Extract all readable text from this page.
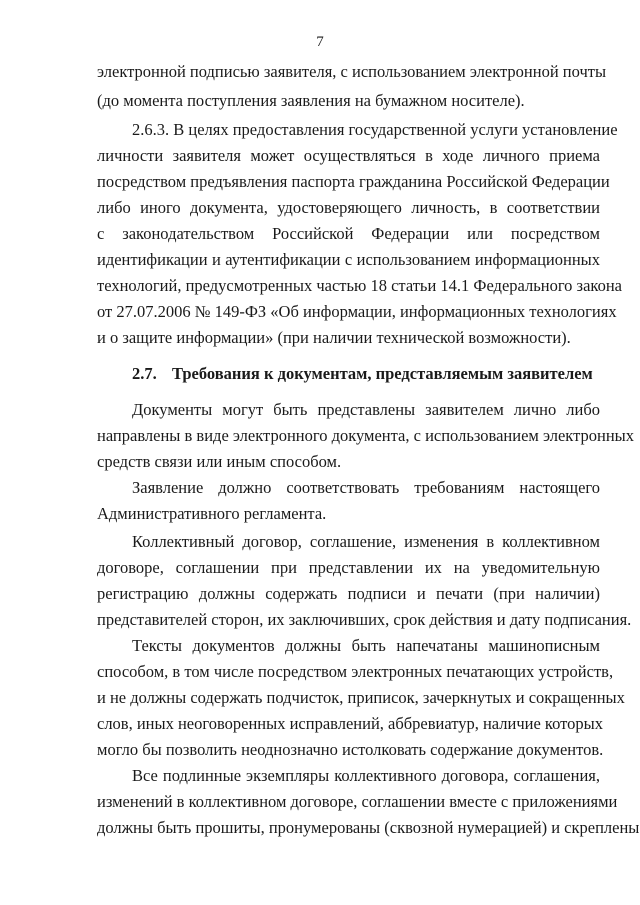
7
электронной подписью заявителя, с использованием электронной почты
(до момента поступления заявления на бумажном носителе).
2.6.3. В целях предоставления государственной услуги установление
личности заявителя может осуществляться в ходе личного приема
посредством предъявления паспорта гражданина Российской Федерации
либо иного документа, удостоверяющего личность, в соответствии
с законодательством Российской Федерации или посредством
идентификации и аутентификации с использованием информационных
технологий, предусмотренных частью 18 статьи 14.1 Федерального закона
от 27.07.2006 № 149-ФЗ «Об информации, информационных технологиях
и о защите информации» (при наличии технической возможности).
2.7. Требования к документам, представляемым заявителем
Документы могут быть представлены заявителем лично либо
направлены в виде электронного документа, с использованием электронных
средств связи или иным способом.
Заявление должно соответствовать требованиям настоящего
Административного регламента.
Коллективный договор, соглашение, изменения в коллективном
договоре, соглашении при представлении их на уведомительную
регистрацию должны содержать подписи и печати (при наличии)
представителей сторон, их заключивших, срок действия и дату подписания.
Тексты документов должны быть напечатаны машинописным
способом, в том числе посредством электронных печатающих устройств,
и не должны содержать подчисток, приписок, зачеркнутых и сокращенных
слов, иных неоговоренных исправлений, аббревиатур, наличие которых
могло бы позволить неоднозначно истолковать содержание документов.
Все подлинные экземпляры коллективного договора, соглашения,
изменений в коллективном договоре, соглашении вместе с приложениями
должны быть прошиты, пронумерованы (сквозной нумерацией) и скреплены
